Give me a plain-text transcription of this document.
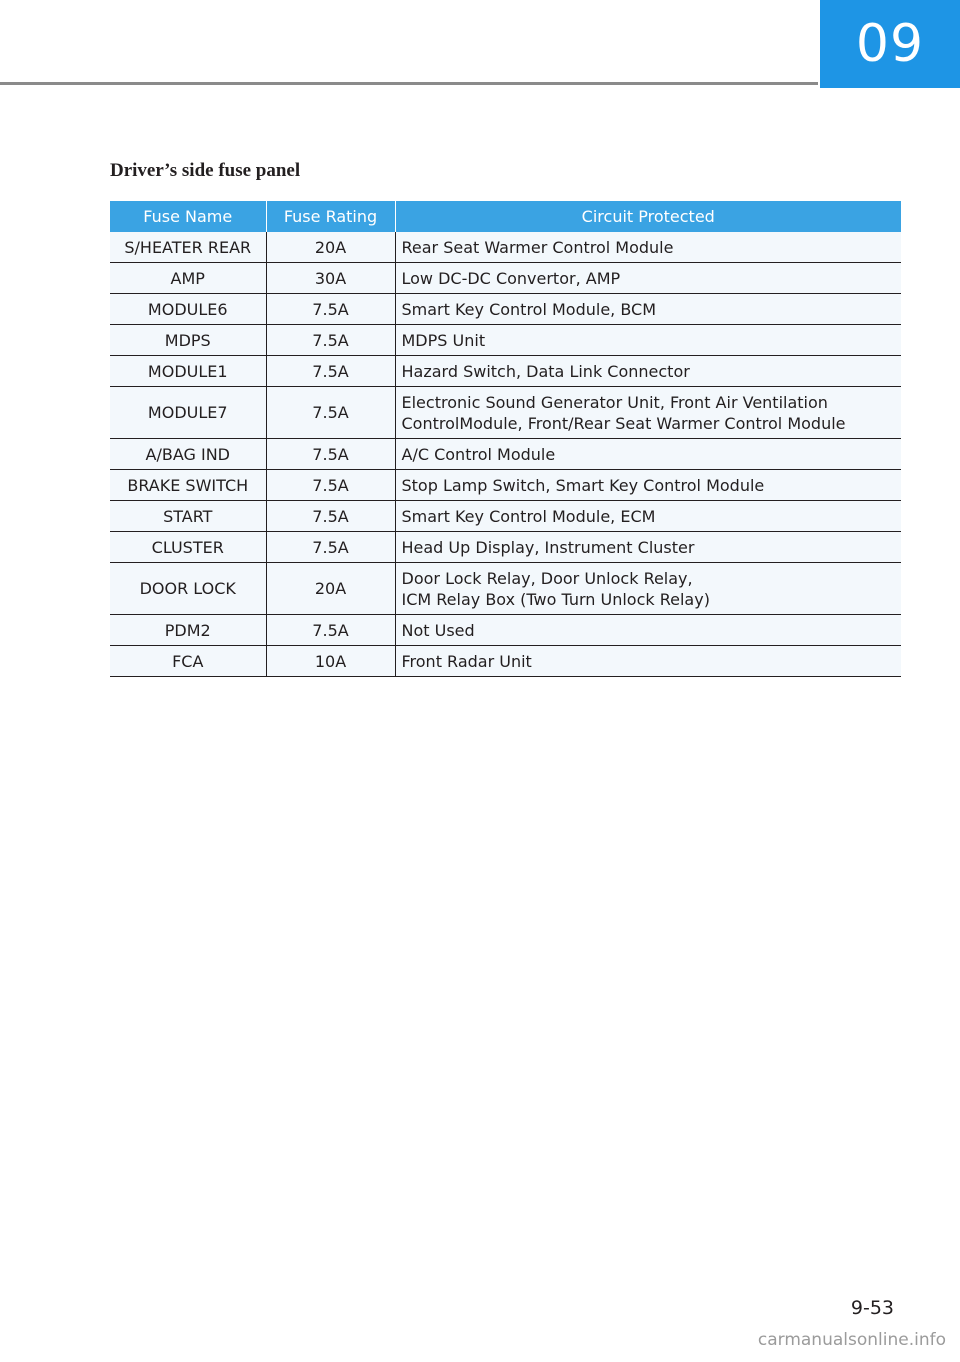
09
Driver’s side fuse panel
Fuse Name	Fuse Rating	Circuit Protected
S/HEATER REAR	20A	Rear Seat Warmer Control Module
AMP	30A	Low DC-DC Convertor, AMP
MODULE6	7.5A	Smart Key Control Module, BCM
MDPS	7.5A	MDPS Unit
MODULE1	7.5A	Hazard Switch, Data Link Connector
MODULE7	7.5A	Electronic Sound Generator Unit, Front Air Ventilation
ControlModule, Front/Rear Seat Warmer Control Module
A/BAG IND	7.5A	A/C Control Module
BRAKE SWITCH	7.5A	Stop Lamp Switch, Smart Key Control Module
START	7.5A	Smart Key Control Module, ECM
CLUSTER	7.5A	Head Up Display, Instrument Cluster
DOOR LOCK	20A	Door Lock Relay, Door Unlock Relay,
ICM Relay Box (Two Turn Unlock Relay)
PDM2	7.5A	Not Used
FCA	10A	Front Radar Unit
9-53
carmanualsonline.info
